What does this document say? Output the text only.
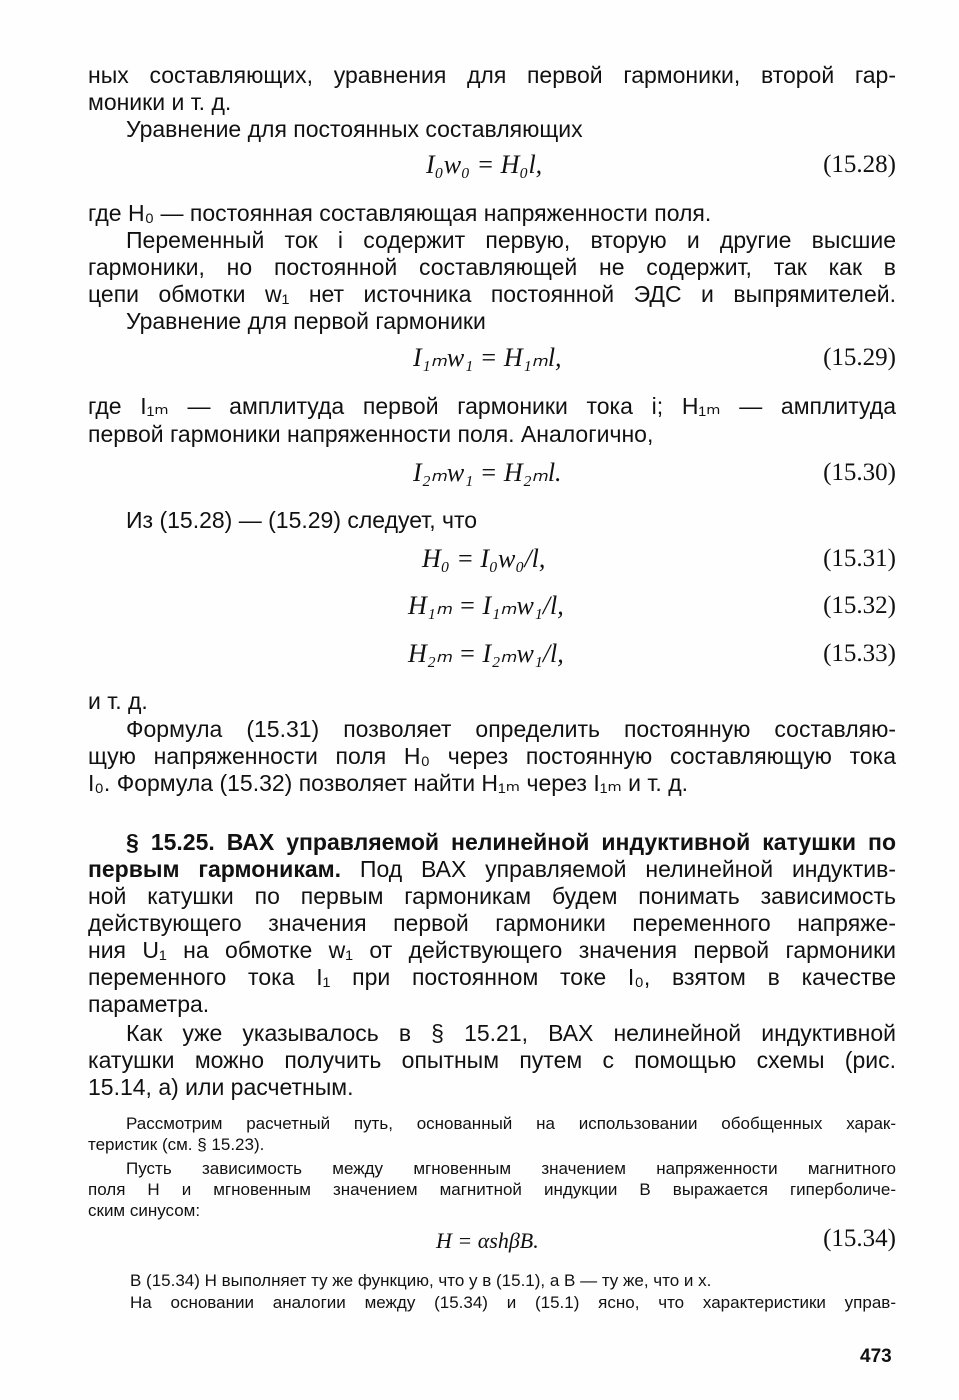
ных составляющих, уравнения для первой гармоники, второй гар-
моники и т. д.
Уравнение для постоянных составляющих
I₀w₀ = H₀l,	(15.28)
где H₀ — постоянная составляющая напряженности поля.
Переменный ток i содержит первую, вторую и другие высшие
гармоники, но постоянной составляющей не содержит, так как в
цепи обмотки w₁ нет источника постоянной ЭДС и выпрямителей.
Уравнение для первой гармоники
I₁ₘw₁ = H₁ₘl,	(15.29)
где I₁ₘ — амплитуда первой гармоники тока i; H₁ₘ — амплитуда
первой гармоники напряженности поля. Аналогично,
I₂ₘw₁ = H₂ₘl.	(15.30)
Из (15.28) — (15.29) следует, что
H₀ = I₀w₀/l,	(15.31)
H₁ₘ = I₁ₘw₁/l,	(15.32)
H₂ₘ = I₂ₘw₁/l,	(15.33)
и т. д.
Формула (15.31) позволяет определить постоянную составляю-
щую напряженности поля H₀ через постоянную составляющую тока
I₀. Формула (15.32) позволяет найти H₁ₘ через I₁ₘ и т. д.
§ 15.25. ВАХ управляемой нелинейной индуктивной катушки по
первым гармоникам. Под ВАХ управляемой нелинейной индуктив-
ной катушки по первым гармоникам будем понимать зависимость
действующего значения первой гармоники переменного напряже-
ния U₁ на обмотке w₁ от действующего значения первой гармоники
переменного тока I₁ при постоянном токе I₀, взятом в качестве
параметра.
Как уже указывалось в § 15.21, ВАХ нелинейной индуктивной
катушки можно получить опытным путем с помощью схемы (рис.
15.14, а) или расчетным.
Рассмотрим расчетный путь, основанный на использовании обобщенных харак-
теристик (см. § 15.23).
Пусть зависимость между мгновенным значением напряженности магнитного
поля H и мгновенным значением магнитной индукции B выражается гиперболиче-
ским синусом:
H = αshβB.	(15.34)
В (15.34) H выполняет ту же функцию, что y в (15.1), а B — ту же, что и x.
На основании аналогии между (15.34) и (15.1) ясно, что характеристики управ-
473
